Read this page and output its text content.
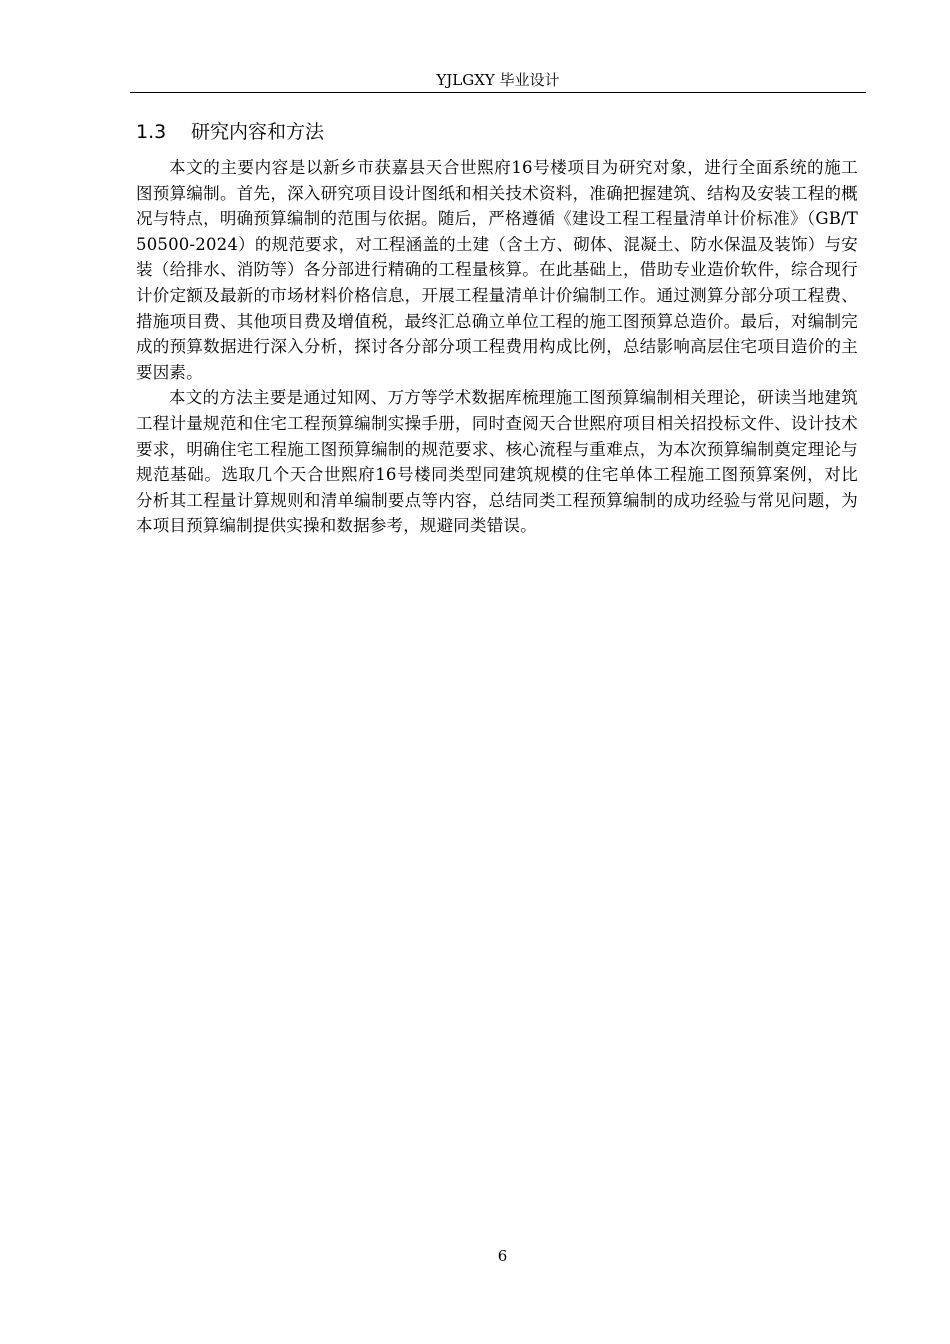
YJLGXY 毕业设计
1.3 研究内容和方法

本文的主要内容是以新乡市获嘉县天合世熙府16号楼项目为研究对象，进行全面系统的施工图预算编制。首先，深入研究项目设计图纸和相关技术资料，准确把握建筑、结构及安装工程的概况与特点，明确预算编制的范围与依据。随后，严格遵循《建设工程工程量清单计价标准》（GB/T 50500-2024）的规范要求，对工程涵盖的土建（含土方、砌体、混凝土、防水保温及装饰）与安装（给排水、消防等）各分部进行精确的工程量核算。在此基础上，借助专业造价软件，综合现行计价定额及最新的市场材料价格信息，开展工程量清单计价编制工作。通过测算分部分项工程费、措施项目费、其他项目费及增值税，最终汇总确立单位工程的施工图预算总造价。最后，对编制完成的预算数据进行深入分析，探讨各分部分项工程费用构成比例，总结影响高层住宅项目造价的主要因素。

本文的方法主要是通过知网、万方等学术数据库梳理施工图预算编制相关理论，研读当地建筑工程计量规范和住宅工程预算编制实操手册，同时查阅天合世熙府项目相关招投标文件、设计技术要求，明确住宅工程施工图预算编制的规范要求、核心流程与重难点，为本次预算编制奠定理论与规范基础。选取几个天合世熙府16号楼同类型同建筑规模的住宅单体工程施工图预算案例，对比分析其工程量计算规则和清单编制要点等内容，总结同类工程预算编制的成功经验与常见问题，为本项目预算编制提供实操和数据参考，规避同类错误。

6
